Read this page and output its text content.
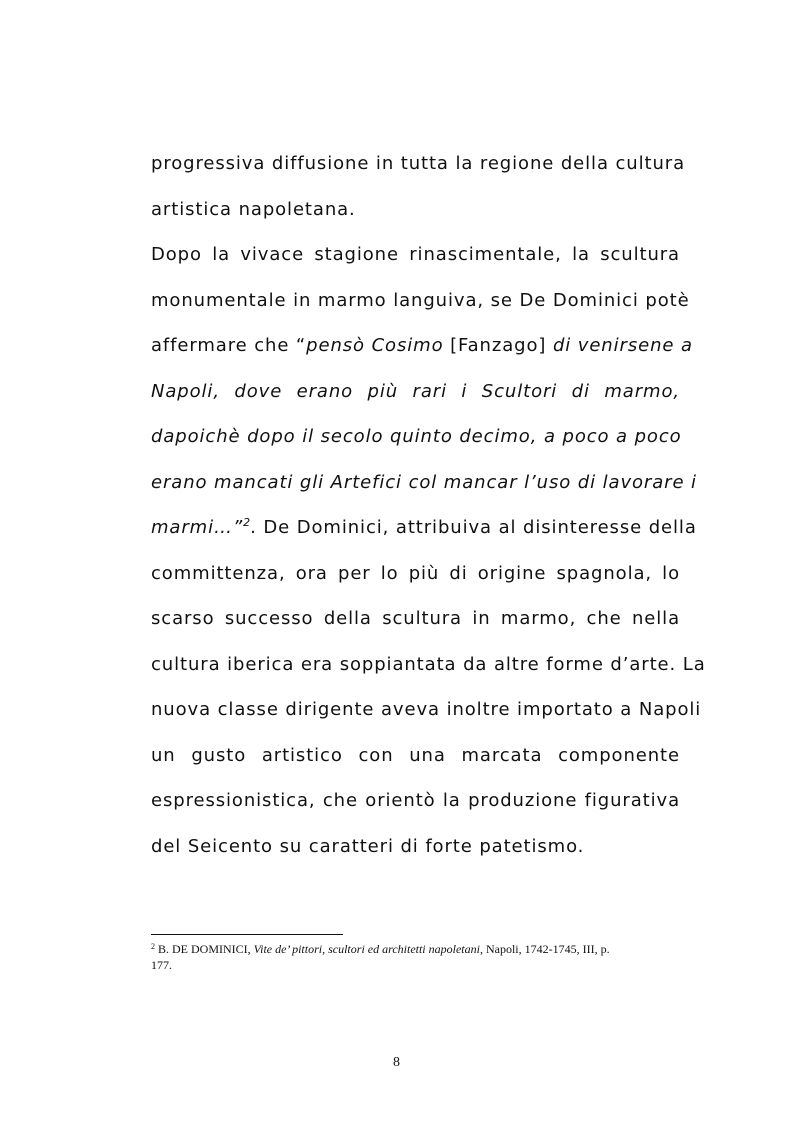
progressiva diffusione in tutta la regione della cultura
artistica napoletana.
Dopo la vivace stagione rinascimentale, la scultura
monumentale in marmo languiva, se De Dominici potè
affermare che “pensò Cosimo [Fanzago] di venirsene a
Napoli, dove erano più rari i Scultori di marmo,
dapoichè dopo il secolo quinto decimo, a poco a poco
erano mancati gli Artefici col mancar l’uso di lavorare i
marmi…”$^2$. De Dominici, attribuiva al disinteresse della
committenza, ora per lo più di origine spagnola, lo
scarso successo della scultura in marmo, che nella
cultura iberica era soppiantata da altre forme d’arte. La
nuova classe dirigente aveva inoltre importato a Napoli
un gusto artistico con una marcata componente
espressionistica, che orientò la produzione figurativa
del Seicento su caratteri di forte patetismo.
$^2$ B. DE DOMINICI, Vite de’ pittori, scultori ed architetti napoletani, Napoli, 1742-1745, III, p.
177.
8
